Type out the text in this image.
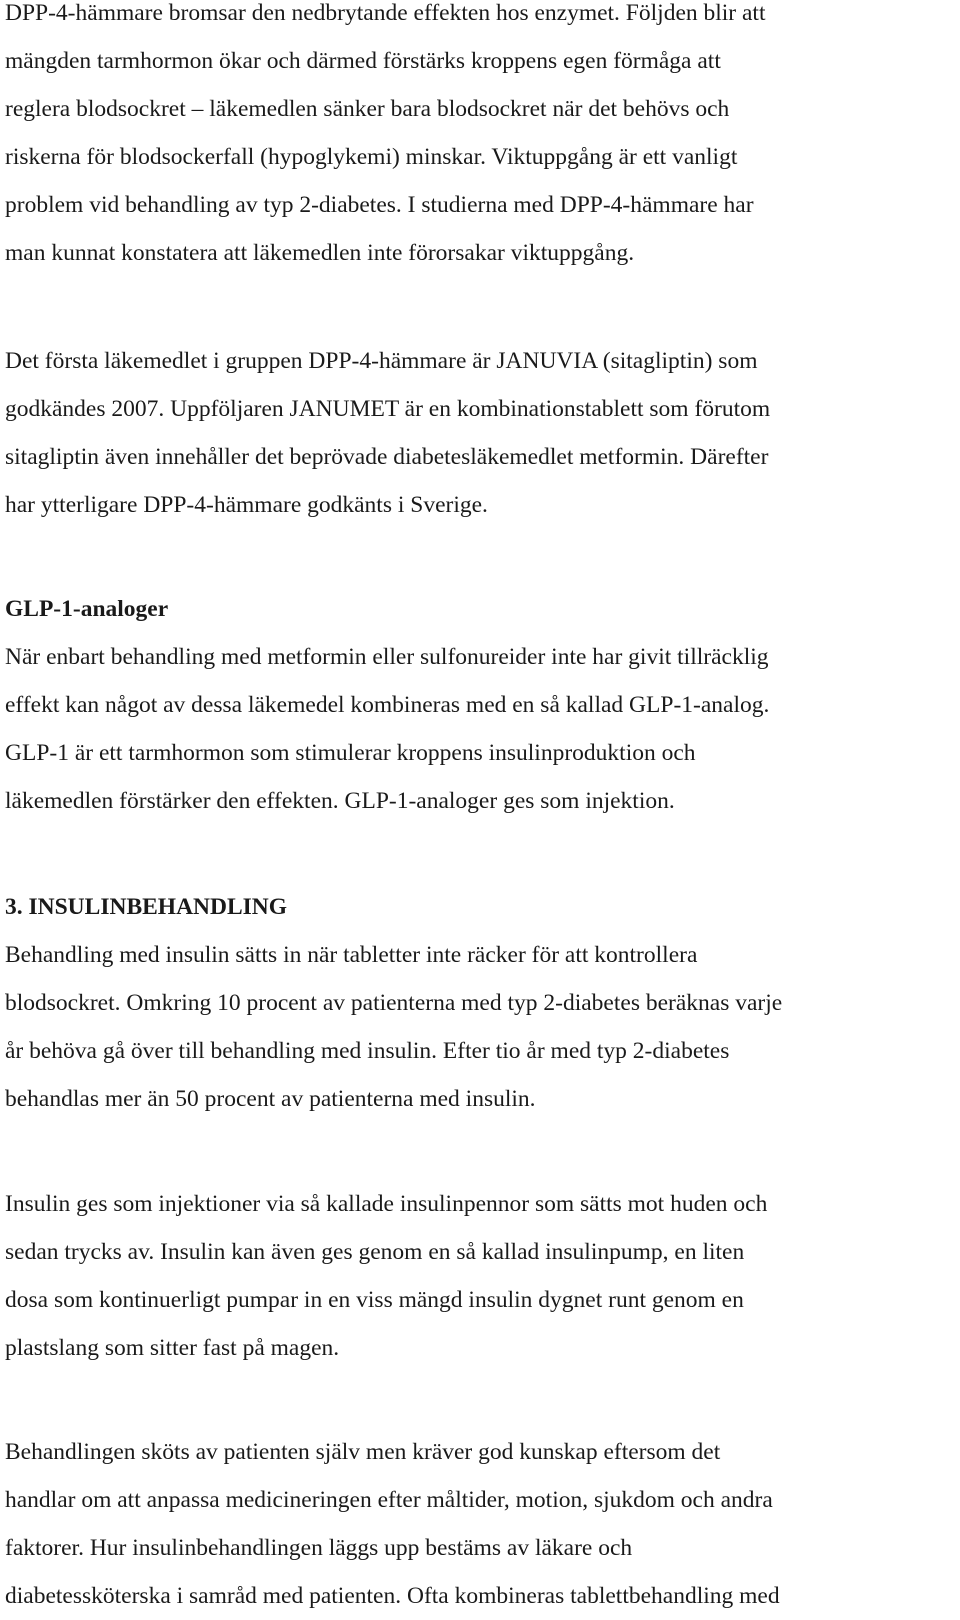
DPP-4-hämmare bromsar den nedbrytande effekten hos enzymet. Följden blir att
mängden tarmhormon ökar och därmed förstärks kroppens egen förmåga att
reglera blodsockret – läkemedlen sänker bara blodsockret när det behövs och
riskerna för blodsockerfall (hypoglykemi) minskar. Viktuppgång är ett vanligt
problem vid behandling av typ 2-diabetes. I studierna med DPP-4-hämmare har
man kunnat konstatera att läkemedlen inte förorsakar viktuppgång.
Det första läkemedlet i gruppen DPP-4-hämmare är JANUVIA (sitagliptin) som
godkändes 2007. Uppföljaren JANUMET är en kombinationstablett som förutom
sitagliptin även innehåller det beprövade diabetesläkemedlet metformin. Därefter
har ytterligare DPP-4-hämmare godkänts i Sverige.
GLP-1-analoger
När enbart behandling med metformin eller sulfonureider inte har givit tillräcklig
effekt kan något av dessa läkemedel kombineras med en så kallad GLP-1-analog.
GLP-1 är ett tarmhormon som stimulerar kroppens insulinproduktion och
läkemedlen förstärker den effekten. GLP-1-analoger ges som injektion.
3. INSULINBEHANDLING
Behandling med insulin sätts in när tabletter inte räcker för att kontrollera
blodsockret. Omkring 10 procent av patienterna med typ 2-diabetes beräknas varje
år behöva gå över till behandling med insulin. Efter tio år med typ 2-diabetes
behandlas mer än 50 procent av patienterna med insulin.
Insulin ges som injektioner via så kallade insulinpennor som sätts mot huden och
sedan trycks av. Insulin kan även ges genom en så kallad insulinpump, en liten
dosa som kontinuerligt pumpar in en viss mängd insulin dygnet runt genom en
plastslang som sitter fast på magen.
Behandlingen sköts av patienten själv men kräver god kunskap eftersom det
handlar om att anpassa medicineringen efter måltider, motion, sjukdom och andra
faktorer. Hur insulinbehandlingen läggs upp bestäms av läkare och
diabetessköterska i samråd med patienten. Ofta kombineras tablettbehandling med
